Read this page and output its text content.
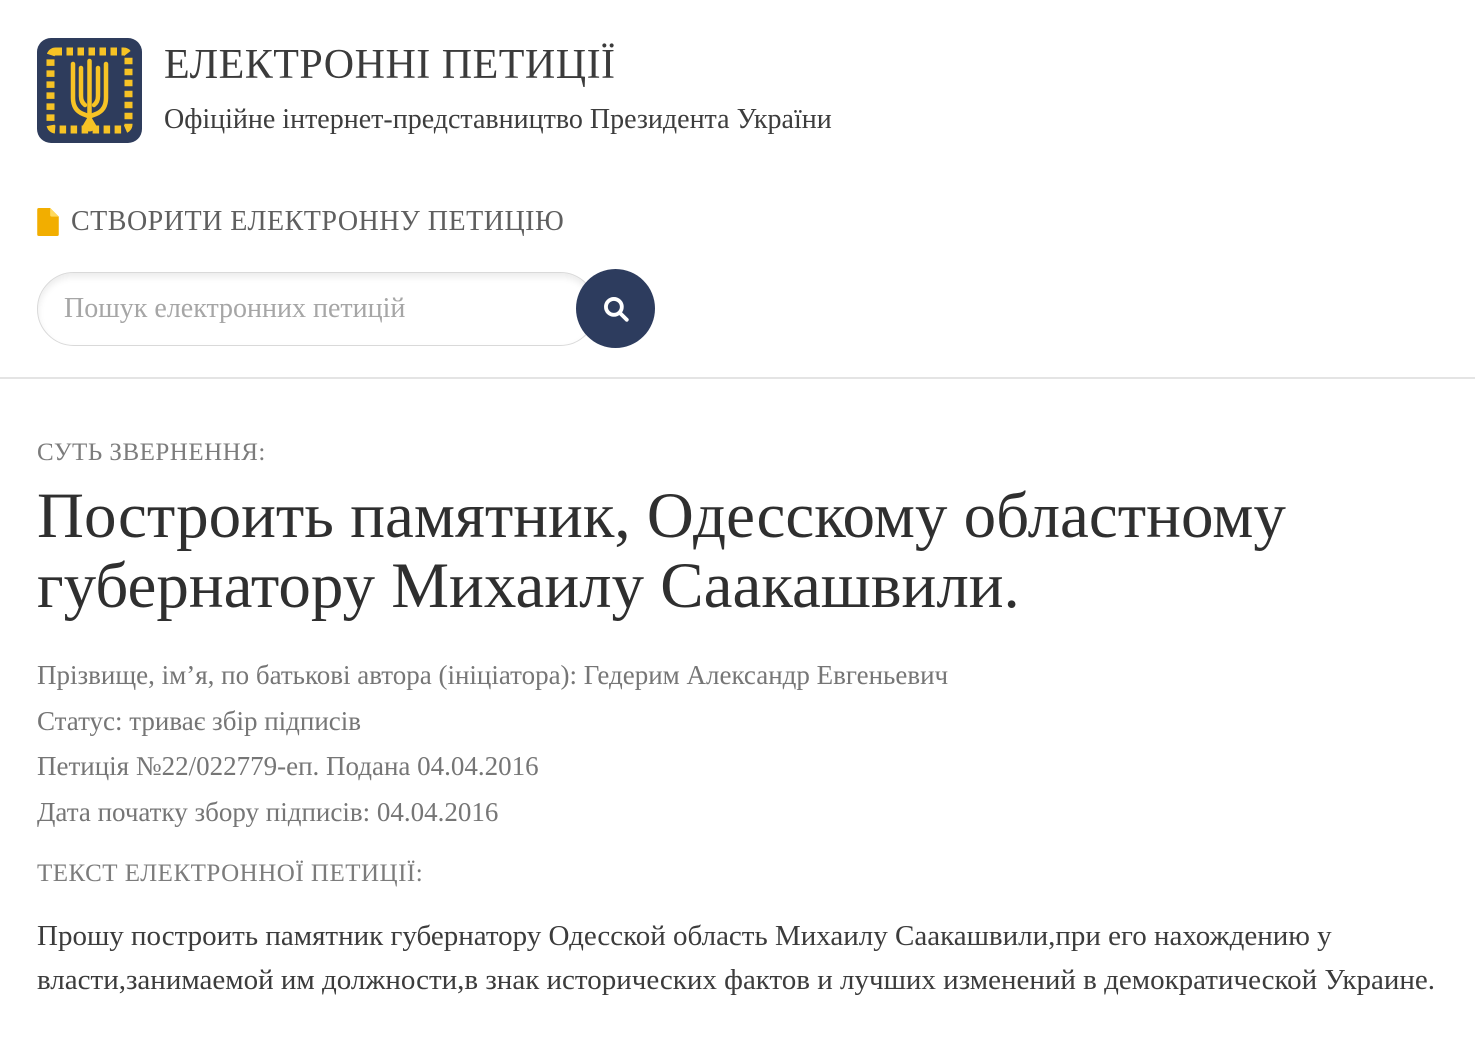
ЕЛЕКТРОННІ ПЕТИЦІЇ
Офіційне інтернет-представництво Президента України
СТВОРИТИ ЕЛЕКТРОННУ ПЕТИЦІЮ
Пошук електронних петицій
СУТЬ ЗВЕРНЕННЯ:
Построить памятник, Одесскому областному губернатору Михаилу Саакашвили.

Прізвище, ім’я, по батькові автора (ініціатора): Гедерим Александр Евгеньевич

Статус: триває збір підписів

Петиція №22/022779-еп. Подана 04.04.2016

Дата початку збору підписів: 04.04.2016

ТЕКСТ ЕЛЕКТРОННОЇ ПЕТИЦІЇ:

Прошу построить памятник губернатору Одесской область Михаилу Саакашвили,при его нахождению у власти,занимаемой им должности,в знак исторических фактов и лучших изменений в демократической Украине.
